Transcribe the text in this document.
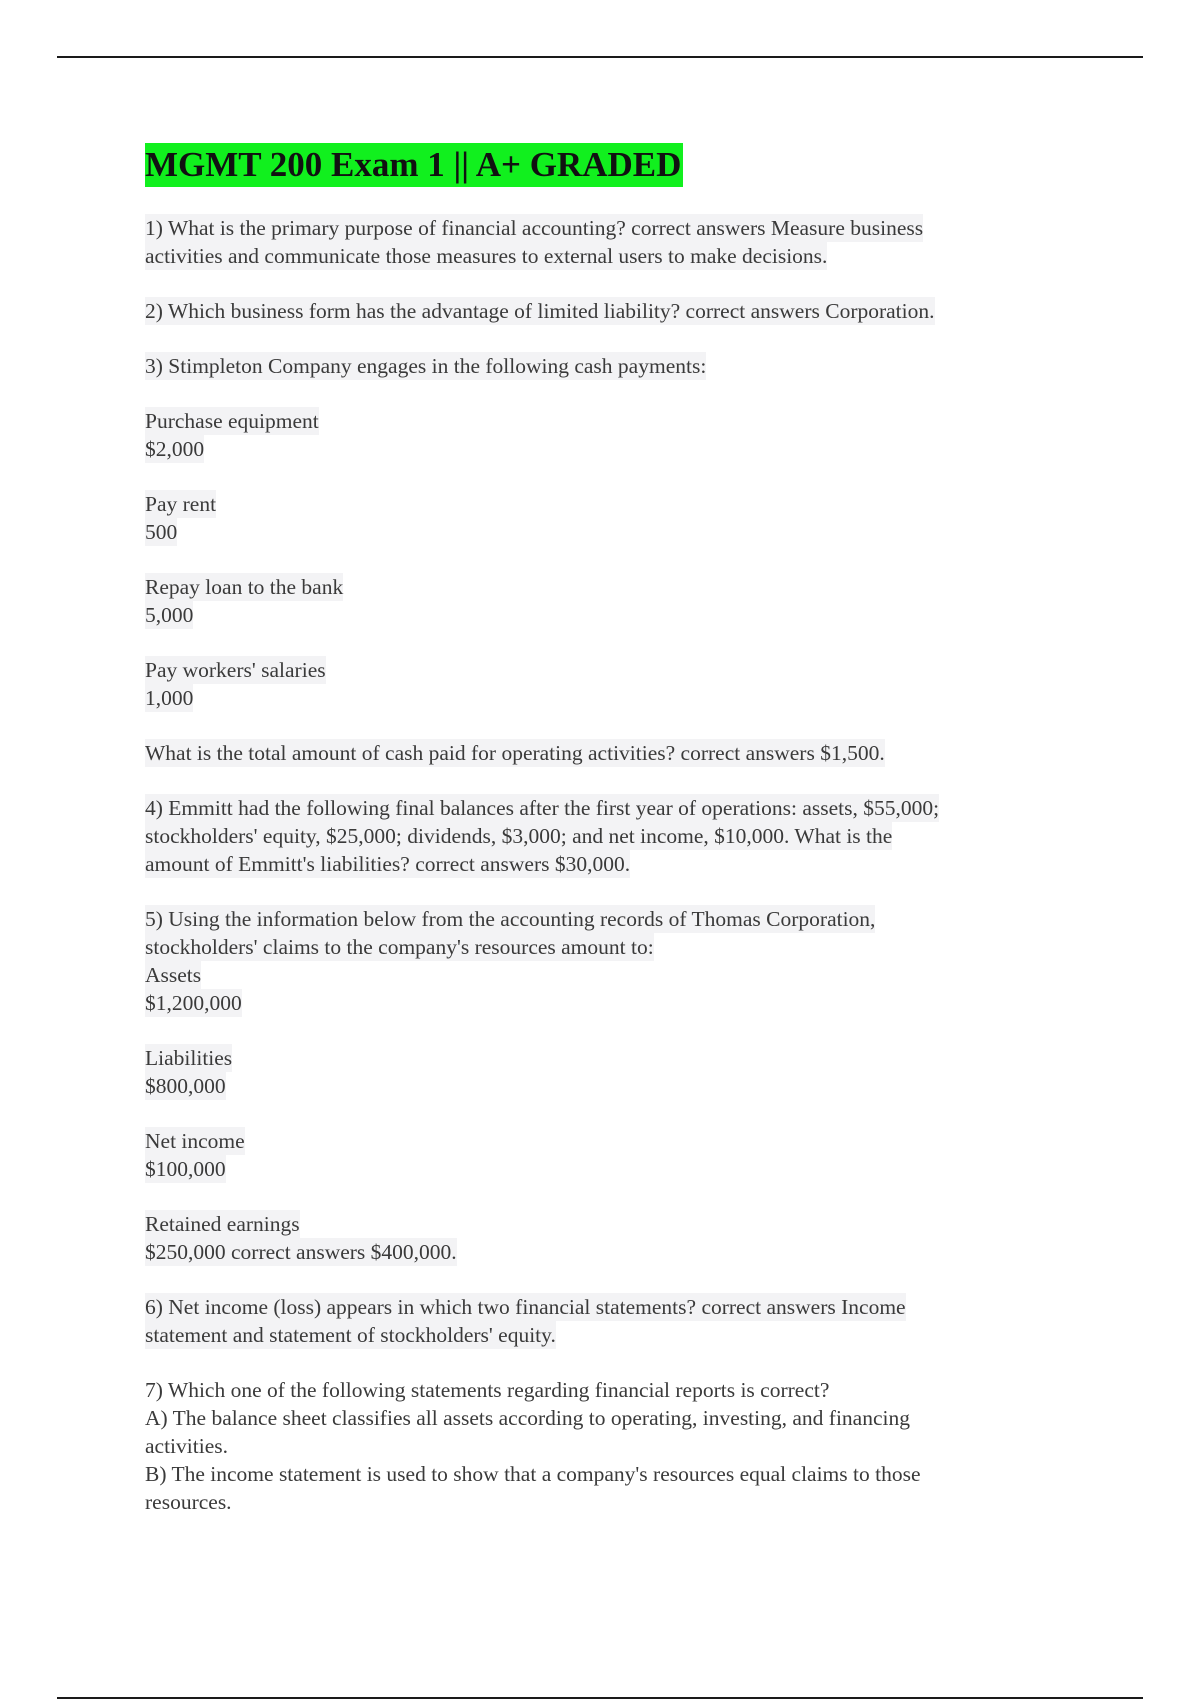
MGMT 200 Exam 1 || A+ GRADED
1) What is the primary purpose of financial accounting? correct answers Measure business
activities and communicate those measures to external users to make decisions.
2) Which business form has the advantage of limited liability? correct answers Corporation.
3) Stimpleton Company engages in the following cash payments:
Purchase equipment
$2,000
Pay rent
500
Repay loan to the bank
5,000
Pay workers' salaries
1,000
What is the total amount of cash paid for operating activities? correct answers $1,500.
4) Emmitt had the following final balances after the first year of operations: assets, $55,000;
stockholders' equity, $25,000; dividends, $3,000; and net income, $10,000. What is the
amount of Emmitt's liabilities? correct answers $30,000.
5) Using the information below from the accounting records of Thomas Corporation,
stockholders' claims to the company's resources amount to:
Assets
$1,200,000
Liabilities
$800,000
Net income
$100,000
Retained earnings
$250,000 correct answers $400,000.
6) Net income (loss) appears in which two financial statements? correct answers Income
statement and statement of stockholders' equity.
7) Which one of the following statements regarding financial reports is correct?
A) The balance sheet classifies all assets according to operating, investing, and financing
activities.
B) The income statement is used to show that a company's resources equal claims to those
resources.
